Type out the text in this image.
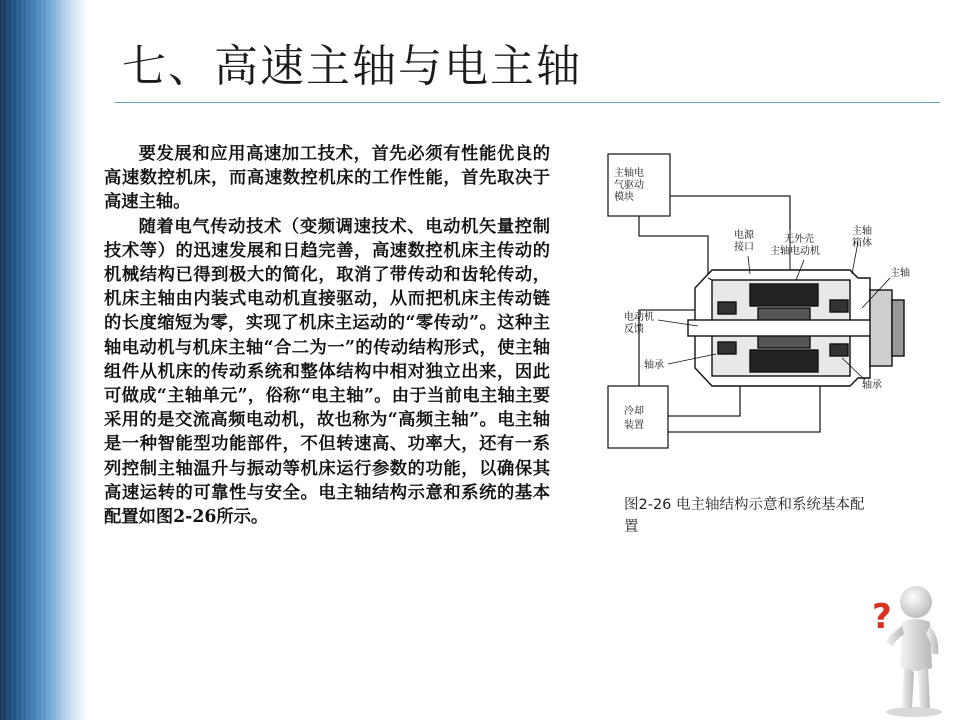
七、高速主轴与电主轴

要发展和应用高速加工技术，首先必须有性能优良的高速数控机床，而高速数控机床的工作性能，首先取决于高速主轴。

随着电气传动技术（变频调速技术、电动机矢量控制技术等）的迅速发展和日趋完善，高速数控机床主传动的机械结构已得到极大的简化，取消了带传动和齿轮传动，机床主轴由内装式电动机直接驱动，从而把机床主传动链的长度缩短为零，实现了机床主运动的“零传动”。这种主轴电动机与机床主轴“合二为一”的传动结构形式，使主轴组件从机床的传动系统和整体结构中相对独立出来，因此可做成“主轴单元”，俗称“电主轴”。由于当前电主轴主要采用的是交流高频电动机，故也称为“高频主轴”。电主轴是一种智能型功能部件，不但转速高、功率大，还有一系列控制主轴温升与振动等机床运行参数的功能，以确保其高速运转的可靠性与安全。电主轴结构示意和系统的基本配置如图2-26所示。

主轴电气驱动模块
电源接口
无外壳主轴电动机
主轴箱体
主轴
电动机反馈
轴承
轴承
冷却装置
图2-26 电主轴结构示意和系统基本配置
?
